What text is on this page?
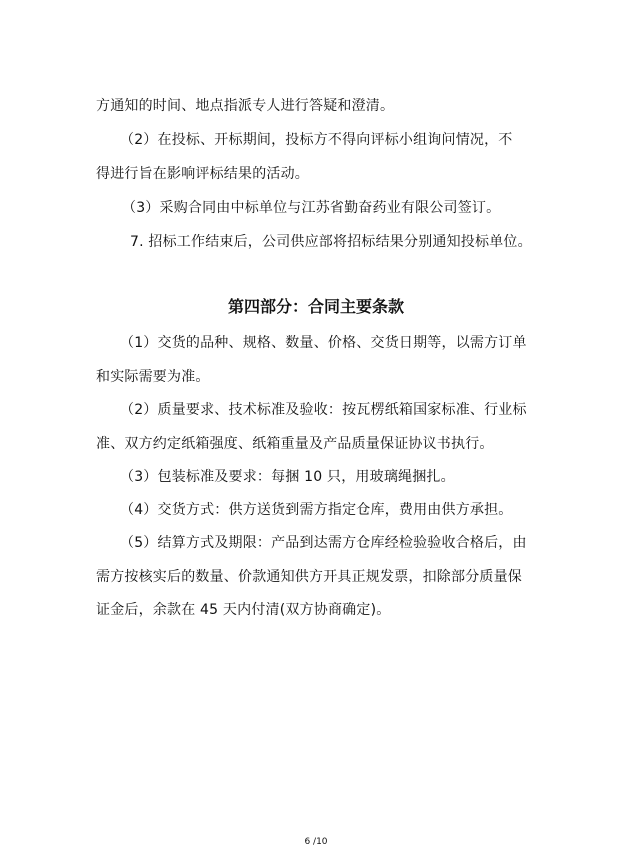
方通知的时间、地点指派专人进行答疑和澄清。
（2）在投标、开标期间，投标方不得向评标小组询问情况，不
得进行旨在影响评标结果的活动。
（3）采购合同由中标单位与江苏省勤奋药业有限公司签订。
7. 招标工作结束后，公司供应部将招标结果分别通知投标单位。
第四部分：合同主要条款
（1）交货的品种、规格、数量、价格、交货日期等，以需方订单
和实际需要为准。
（2）质量要求、技术标准及验收：按瓦楞纸箱国家标准、行业标
准、双方约定纸箱强度、纸箱重量及产品质量保证协议书执行。
（3）包装标准及要求：每捆 10 只，用玻璃绳捆扎。
（4）交货方式：供方送货到需方指定仓库，费用由供方承担。
（5）结算方式及期限：产品到达需方仓库经检验验收合格后，由
需方按核实后的数量、价款通知供方开具正规发票，扣除部分质量保
证金后，余款在 45 天内付清(双方协商确定)。
6 /10
